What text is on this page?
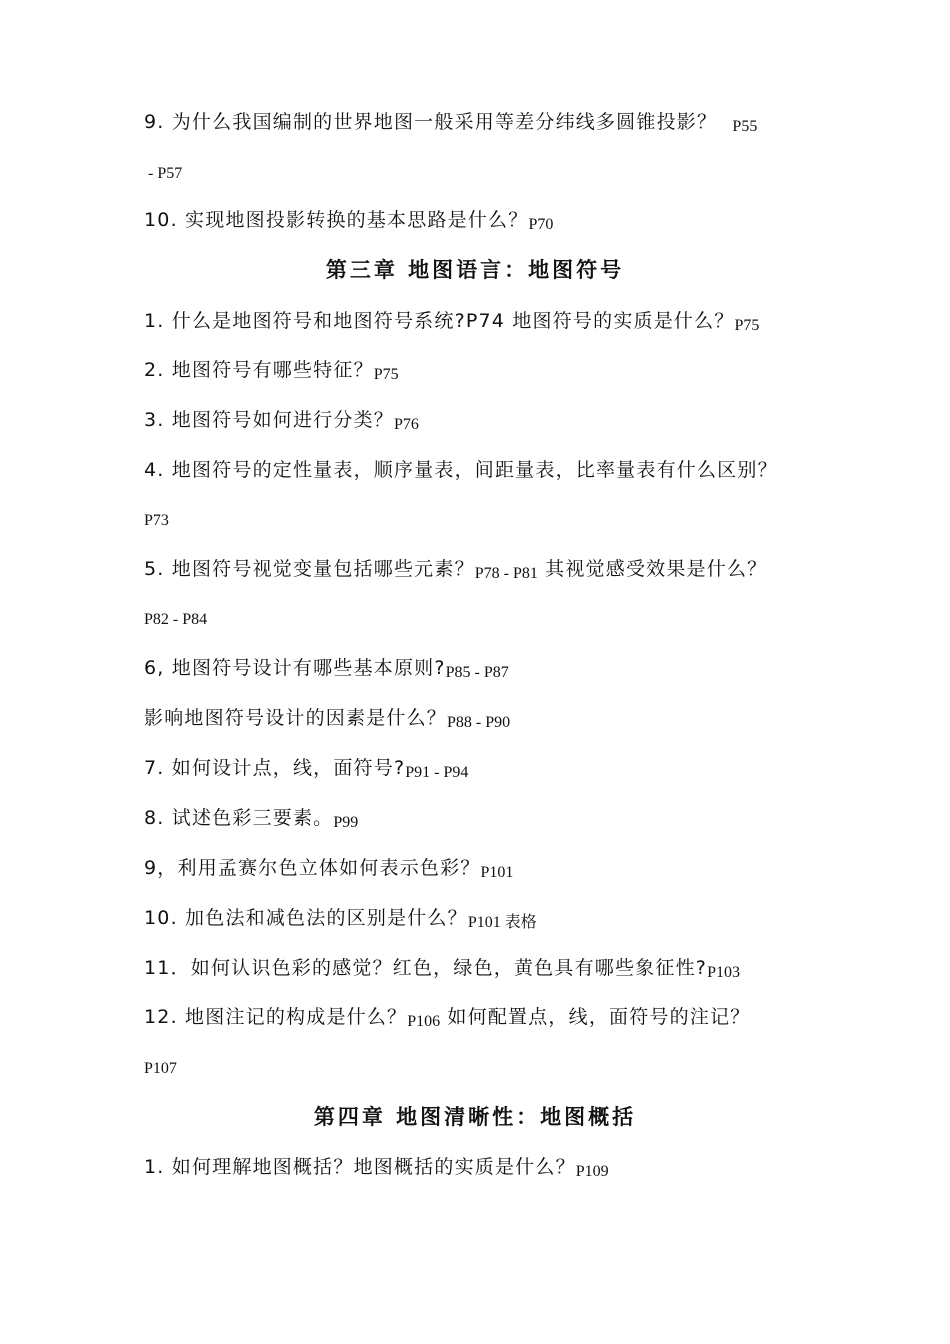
9. 为什么我国编制的世界地图一般采用等差分纬线多圆锥投影？ P55
- P57
10. 实现地图投影转换的基本思路是什么？P70
第三章 地图语言：地图符号
1. 什么是地图符号和地图符号系统?P74 地图符号的实质是什么？P75
2. 地图符号有哪些特征？P75
3. 地图符号如何进行分类？P76
4. 地图符号的定性量表，顺序量表，间距量表，比率量表有什么区别？
P73
5. 地图符号视觉变量包括哪些元素？P78 - P81 其视觉感受效果是什么？
P82 - P84
6, 地图符号设计有哪些基本原则?P85 - P87
影响地图符号设计的因素是什么？P88 - P90
7. 如何设计点，线，面符号?P91 - P94
8. 试述色彩三要素。P99
9，利用孟赛尔色立体如何表示色彩？P101
10. 加色法和减色法的区别是什么？P101 表格
11．如何认识色彩的感觉？红色，绿色，黄色具有哪些象征性?P103
12. 地图注记的构成是什么？P106 如何配置点，线，面符号的注记？
P107
第四章 地图清晰性：地图概括
1. 如何理解地图概括？地图概括的实质是什么？P109
